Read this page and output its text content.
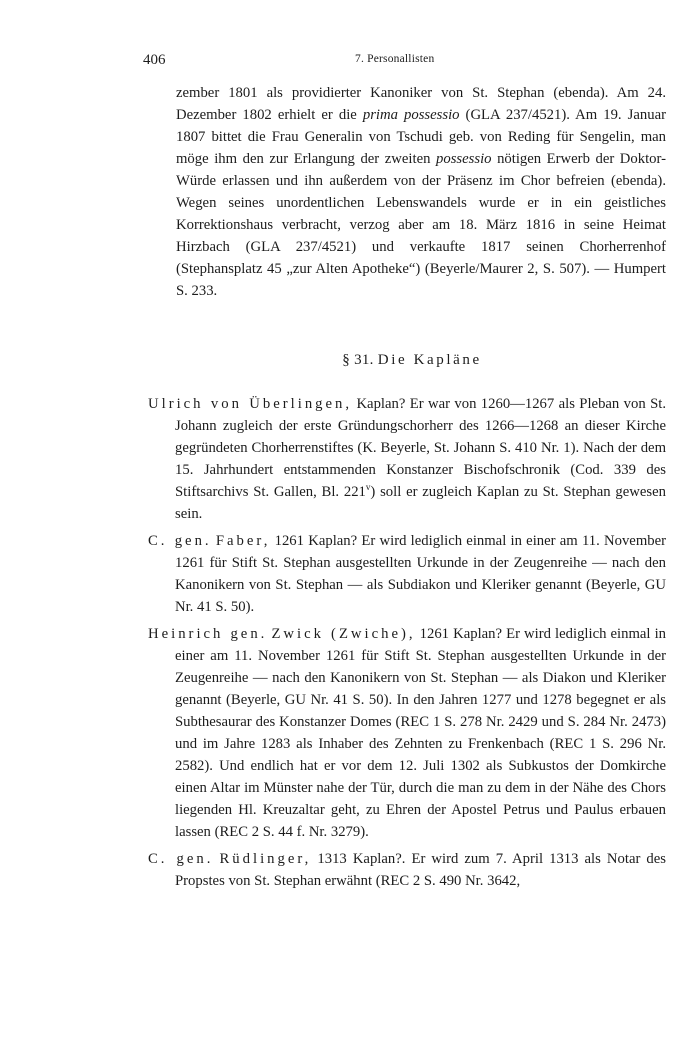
406	7. Personallisten

zember 1801 als providierter Kanoniker von St. Stephan (ebenda). Am 24. Dezember 1802 erhielt er die prima possessio (GLA 237/4521). Am 19. Januar 1807 bittet die Frau Generalin von Tschudi geb. von Reding für Sengelin, man möge ihm den zur Erlangung der zweiten possessio nötigen Erwerb der Doktor-Würde erlassen und ihn außerdem von der Präsenz im Chor befreien (ebenda). Wegen seines unordentlichen Lebenswandels wurde er in ein geistliches Korrektionshaus verbracht, verzog aber am 18. März 1816 in seine Heimat Hirzbach (GLA 237/4521) und verkaufte 1817 seinen Chorherrenhof (Stephansplatz 45 „zur Alten Apotheke“) (Beyerle/Maurer 2, S. 507). — Humpert S. 233.

§ 31. Die Kapläne

Ulrich von Überlingen, Kaplan? Er war von 1260—1267 als Pleban von St. Johann zugleich der erste Gründungschorherr des 1266—1268 an dieser Kirche gegründeten Chorherrenstiftes (K. Beyerle, St. Johann S. 410 Nr. 1). Nach der dem 15. Jahrhundert entstammenden Konstanzer Bischofschronik (Cod. 339 des Stiftsarchivs St. Gallen, Bl. 221$^v$) soll er zugleich Kaplan zu St. Stephan gewesen sein.

C. gen. Faber, 1261 Kaplan? Er wird lediglich einmal in einer am 11. November 1261 für Stift St. Stephan ausgestellten Urkunde in der Zeugenreihe — nach den Kanonikern von St. Stephan — als Subdiakon und Kleriker genannt (Beyerle, GU Nr. 41 S. 50).

Heinrich gen. Zwick (Zwiche), 1261 Kaplan? Er wird lediglich einmal in einer am 11. November 1261 für Stift St. Stephan ausgestellten Urkunde in der Zeugenreihe — nach den Kanonikern von St. Stephan — als Diakon und Kleriker genannt (Beyerle, GU Nr. 41 S. 50). In den Jahren 1277 und 1278 begegnet er als Subthesaurar des Konstanzer Domes (REC 1 S. 278 Nr. 2429 und S. 284 Nr. 2473) und im Jahre 1283 als Inhaber des Zehnten zu Frenkenbach (REC 1 S. 296 Nr. 2582). Und endlich hat er vor dem 12. Juli 1302 als Subkustos der Domkirche einen Altar im Münster nahe der Tür, durch die man zu dem in der Nähe des Chors liegenden Hl. Kreuzaltar geht, zu Ehren der Apostel Petrus und Paulus erbauen lassen (REC 2 S. 44 f. Nr. 3279).

C. gen. Rüdlinger, 1313 Kaplan?. Er wird zum 7. April 1313 als Notar des Propstes von St. Stephan erwähnt (REC 2 S. 490 Nr. 3642,
